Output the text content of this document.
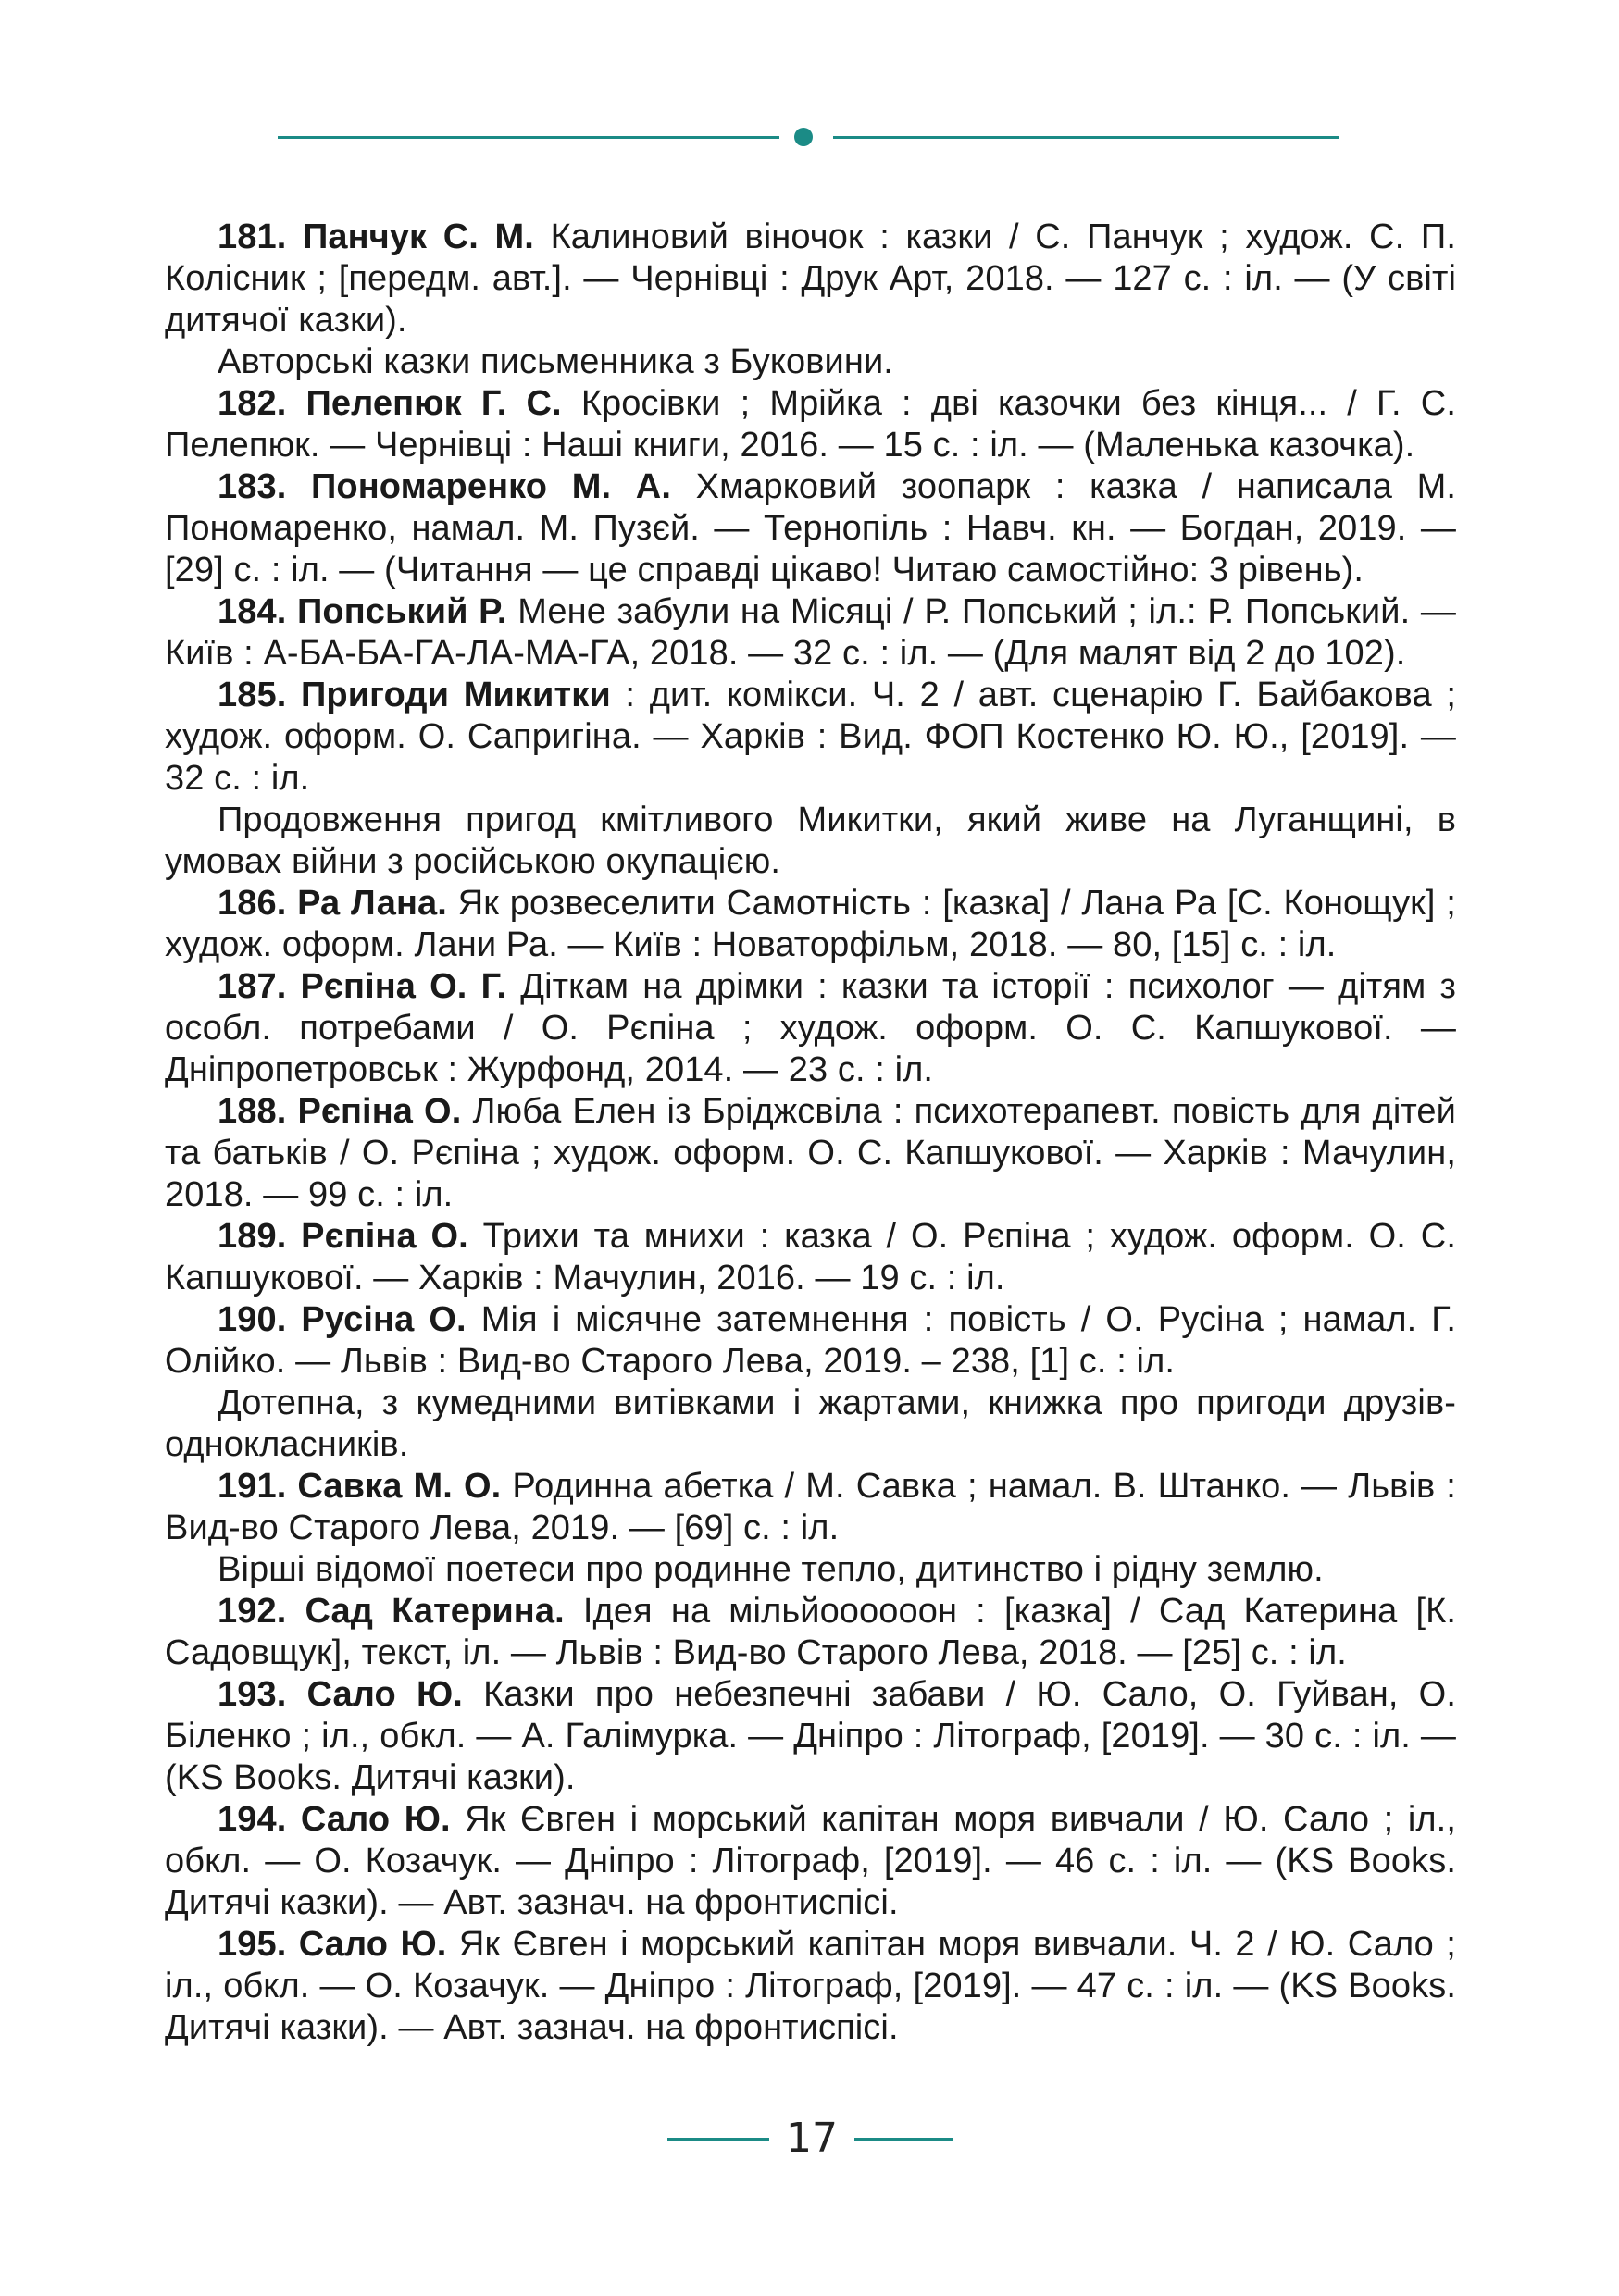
181. Панчук С. М. Калиновий віночок : казки / С. Панчук ; худож. С. П. Колісник ; [передм. авт.]. — Чернівці : Друк Арт, 2018. — 127 с. : іл. — (У світі дитячої казки).

Авторські казки письменника з Буковини.

182. Пелепюк Г. С. Кросівки ; Мрійка : дві казочки без кінця... / Г. С. Пелепюк. — Чернівці : Наші книги, 2016. — 15 с. : іл. — (Маленька казочка).

183. Пономаренко М. А. Хмарковий зоопарк : казка / написала М. Пономаренко, намал. М. Пузєй. — Тернопіль : Навч. кн. — Богдан, 2019. — [29] с. : іл. — (Читання — це справді цікаво! Читаю самостійно: 3 рівень).

184. Попський Р. Мене забули на Місяці / Р. Попський ; іл.: Р. Попський. — Київ : А-БА-БА-ГА-ЛА-МА-ГА, 2018. — 32 с. : іл. — (Для малят від 2 до 102).

185. Пригоди Микитки : дит. комікси. Ч. 2 / авт. сценарію Г. Байбакова ; худож. оформ. О. Сапригіна. — Харків : Вид. ФОП Костенко Ю. Ю., [2019]. — 32 с. : іл.

Продовження пригод кмітливого Микитки, який живе на Луганщині, в умовах війни з російською окупацією.

186. Ра Лана. Як розвеселити Самотність : [казка] / Лана Ра [С. Конощук] ; худож. оформ. Лани Ра. — Київ : Новаторфільм, 2018. — 80, [15] с. : іл.

187. Рєпіна О. Г. Діткам на дрімки : казки та історії : психолог — дітям з особл. потребами / О. Рєпіна ; худож. оформ. О. С. Капшукової. — Дніпропетровськ : Журфонд, 2014. — 23 с. : іл.

188. Рєпіна О. Люба Елен із Бріджсвіла : психотерапевт. повість для дітей та батьків / О. Рєпіна ; худож. оформ. О. С. Капшукової. — Харків : Мачулин, 2018. — 99 с. : іл.

189. Рєпіна О. Трихи та мнихи : казка / О. Рєпіна ; худож. оформ. О. С. Капшукової. — Харків : Мачулин, 2016. — 19 с. : іл.

190. Русіна О. Мія і місячне затемнення : повість / О. Русіна ; намал. Г. Олійко. — Львів : Вид-во Старого Лева, 2019. – 238, [1] с. : іл.

Дотепна, з кумедними витівками і жартами, книжка про пригоди друзів-однокласників.

191. Савка М. О. Родинна абетка / М. Савка ; намал. В. Штанко. — Львів : Вид-во Старого Лева, 2019. — [69] с. : іл.

Вірші відомої поетеси про родинне тепло, дитинство і рідну землю.

192. Сад Катерина. Ідея на мільйоооооон : [казка] / Сад Катерина [К. Садовщук], текст, іл. — Львів : Вид-во Старого Лева, 2018. — [25] с. : іл.

193. Сало Ю. Казки про небезпечні забави / Ю. Сало, О. Гуйван, О. Біленко ; іл., обкл. — А. Галімурка. — Дніпро : Літограф, [2019]. — 30 с. : іл. — (KS Books. Дитячі казки).

194. Сало Ю. Як Євген і морський капітан моря вивчали / Ю. Сало ; іл., обкл. — О. Козачук. — Дніпро : Літограф, [2019]. — 46 с. : іл. — (KS Books. Дитячі казки). — Авт. зазнач. на фронтиспісі.

195. Сало Ю. Як Євген і морський капітан моря вивчали. Ч. 2 / Ю. Сало ; іл., обкл. — О. Козачук. — Дніпро : Літограф, [2019]. — 47 с. : іл. — (KS Books. Дитячі казки). — Авт. зазнач. на фронтиспісі.

17
